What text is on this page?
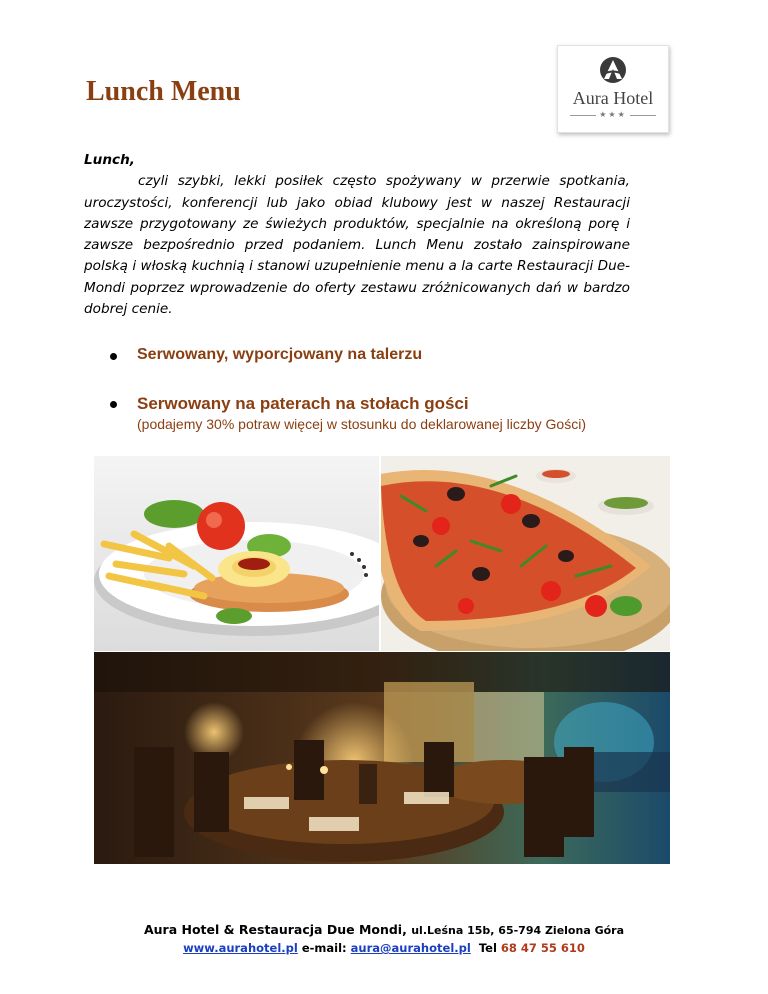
Lunch Menu	Aura Hotel
★★★
Lunch,
czyli szybki, lekki posiłek często spożywany w przerwie spotkania, uroczystości, konferencji lub jako obiad klubowy jest w naszej Restauracji zawsze przygotowany ze świeżych produktów, specjalnie na określoną porę i zawsze bezpośrednio przed podaniem. Lunch Menu zostało zainspirowane polską i włoską kuchnią i stanowi uzupełnienie menu a la carte Restauracji Due-Mondi poprzez wprowadzenie do oferty zestawu zróżnicowanych dań w bardzo dobrej cenie.
Serwowany, wyporcjowany na talerzu
Serwowany na paterach na stołach gości
(podajemy 30% potraw więcej w stosunku do deklarowanej liczby Gości)
Aura Hotel & Restauracja Due Mondi, ul.Leśna 15b, 65-794 Zielona Góra
www.aurahotel.pl e-mail: aura@aurahotel.pl Tel 68 47 55 610
